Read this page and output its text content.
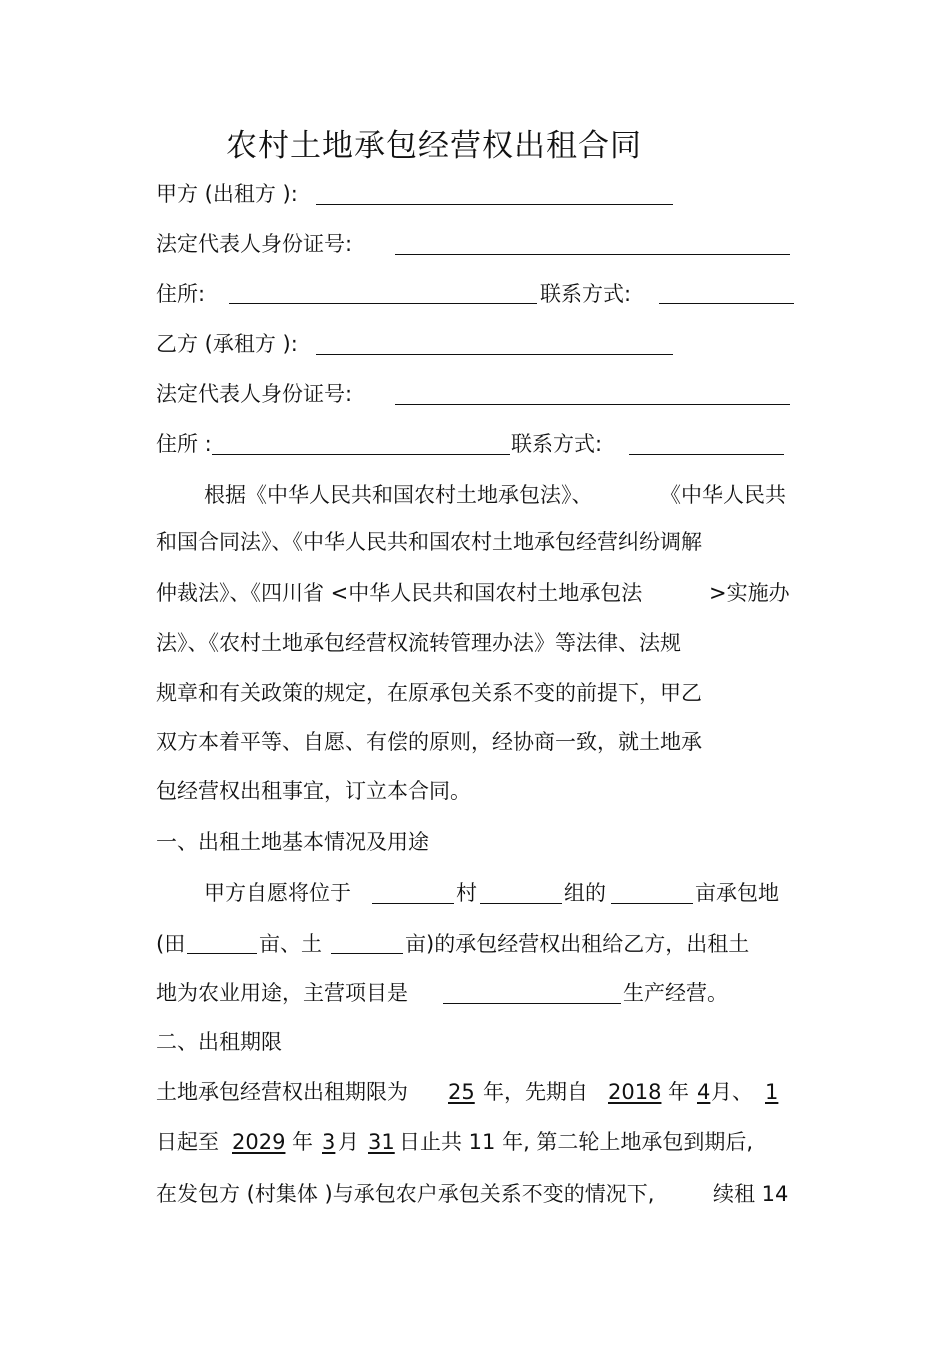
农村土地承包经营权出租合同
甲方 (出租方 ):
法定代表人身份证号:
住所:	联系方式:
乙方 (承租方 ):
法定代表人身份证号:
住所 :	联系方式:
根据《中华人民共和国农村土地承包法》、	《中华人民共
和国合同法》、《中华人民共和国农村土地承包经营纠纷调解
仲裁法》、《四川省 <中华人民共和国农村土地承包法	>实施办
法》、《农村土地承包经营权流转管理办法》等法律、法规
规章和有关政策的规定，在原承包关系不变的前提下，甲乙
双方本着平等、自愿、有偿的原则，经协商一致，就土地承
包经营权出租事宜，订立本合同。
一、出租土地基本情况及用途
甲方自愿将位于	村	组的	亩承包地
(田	亩、土	亩)的承包经营权出租给乙方，出租土
地为农业用途，主营项目是	生产经营。
二、出租期限
土地承包经营权出租期限为 25 年，先期自 2018 年 4 月、 1
日起至 2029 年 3 月 31 日止共 11 年, 第二轮上地承包到期后,
在发包方 (村集体 )与承包农户承包关系不变的情况下,	续租 14
